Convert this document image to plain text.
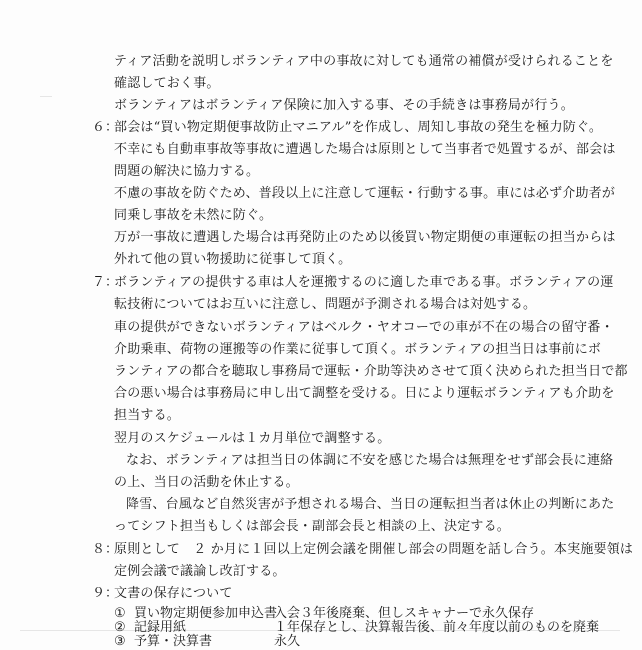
ティア活動を説明しボランティア中の事故に対しても通常の補償が受けられることを
確認しておく事。
ボランティアはボランティア保険に加入する事、その手続きは事務局が行う。
６：
部会は“買い物定期便事故防止マニアル”を作成し、周知し事故の発生を極力防ぐ。
不幸にも自動車事故等事故に遭遇した場合は原則として当事者で処置するが、部会は
問題の解決に協力する。
不慮の事故を防ぐため、普段以上に注意して運転・行動する事。車には必ず介助者が
同乗し事故を未然に防ぐ。
万が一事故に遭遇した場合は再発防止のため以後買い物定期便の車運転の担当からは
外れて他の買い物援助に従事して頂く。
７：
ボランティアの提供する車は人を運搬するのに適した車である事。ボランティアの運
転技術についてはお互いに注意し、問題が予測される場合は対処する。
車の提供ができないボランティアはベルク・ヤオコーでの車が不在の場合の留守番・
介助乗車、荷物の運搬等の作業に従事して頂く。ボランティアの担当日は事前にボ
ランティアの都合を聴取し事務局で運転・介助等決めさせて頂く決められた担当日で都
合の悪い場合は事務局に申し出て調整を受ける。日により運転ボランティアも介助を
担当する。
翌月のスケジュールは１カ月単位で調整する。
なお、ボランティアは担当日の体調に不安を感じた場合は無理をせず部会長に連絡
の上、当日の活動を休止する。
降雪、台風など自然災害が予想される場合、当日の運転担当者は休止の判断にあた
ってシフト担当もしくは部会長・副部会長と相談の上、決定する。
８：
原則として　２ か月に１回以上定例会議を開催し部会の問題を話し合う。本実施要領は
定例会議で議論し改訂する。
９：
文書の保存について
① 買い物定期便参加申込書
入会３年後廃棄、但しスキャナーで永久保存
② 記録用紙	１年保存とし、決算報告後、前々年度以前のものを廃棄
③ 予算・決算書	永久
